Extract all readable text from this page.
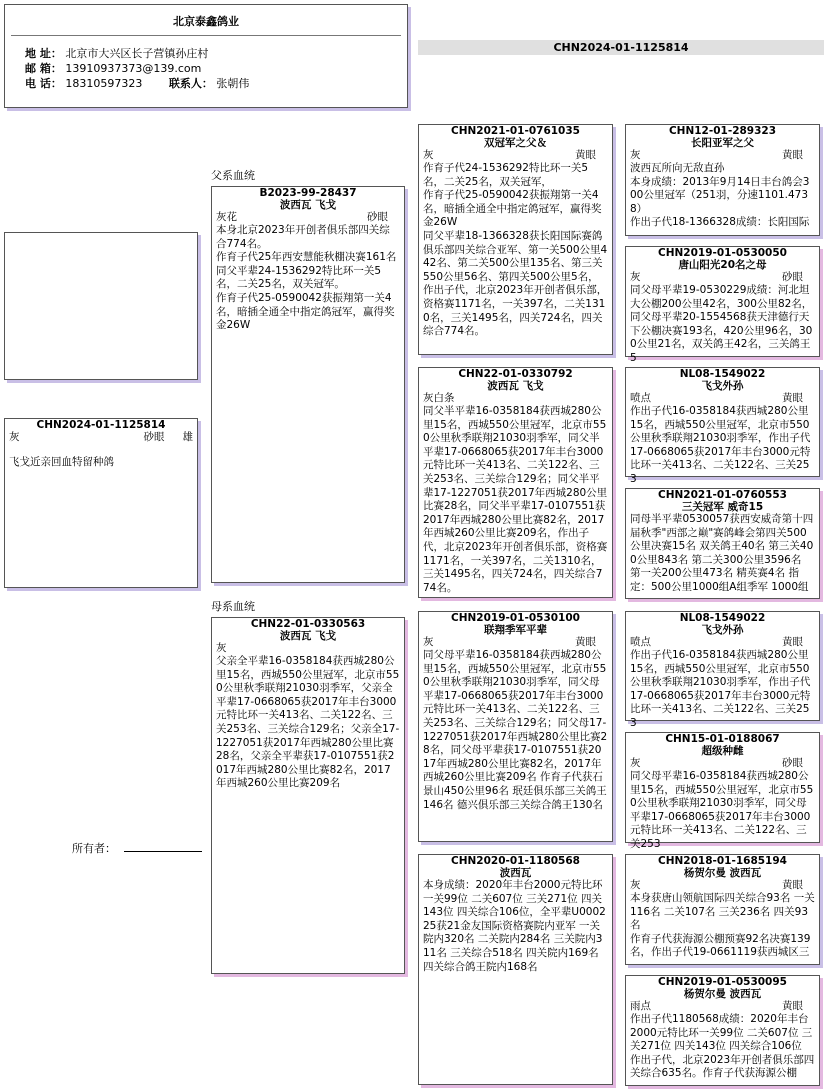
北京泰鑫鸽业
地 址： 北京市大兴区长子营镇孙庄村
邮 箱： 13910937373@139.com
电 话： 18310597323 联系人： 张朝伟
CHN2024-01-1125814
CHN2024-01-1125814
灰	砂眼 雄
飞戈近亲回血特留种鸽
所有者：
父系血统
母系血统
B2023-99-28437
波西瓦 飞戈
灰花	砂眼
本身北京2023年开创者俱乐部四关综合774名。
作育子代25年西安慧能秋棚决赛161名
同父平辈24-1536292特比环一关5名，二关25名，双关冠军。
作育子代25-0590042获振翔第一关4名，暗插全通全中指定鸽冠军，赢得奖金26W
CHN22-01-0330563
波西瓦 飞戈
灰
父亲全平辈16-0358184获西城280公里15名，西城550公里冠军，北京市550公里秋季联翔21030羽季军，父亲全平辈17-0668065获2017年丰台3000元特比环一关413名、二关122名、三关253名、三关综合129名；父亲全17-1227051获2017年西城280公里比赛28名，父亲全平辈获17-0107551获2017年西城280公里比赛82名，2017年西城260公里比赛209名
CHN2021-01-0761035
双冠军之父＆
灰	黄眼
作育子代24-1536292特比环一关5名，二关25名，双关冠军，
作育子代25-0590042获振翔第一关4名，暗插全通全中指定鸽冠军，赢得奖金26W
同父平辈18-1366328获长阳国际赛鸽俱乐部四关综合亚军、第一关500公里442名、第二关500公里135名、第三关550公里56名、第四关500公里5名，作出子代，北京2023年开创者俱乐部，资格赛1171名，一关397名，二关1310名，三关1495名，四关724名，四关综合774名。
CHN22-01-0330792
波西瓦 飞戈
灰白条
同父半平辈16-0358184获西城280公里15名，西城550公里冠军，北京市550公里秋季联翔21030羽季军，同父半平辈17-0668065获2017年丰台3000元特比环一关413名、二关122名、三关253名、三关综合129名；同父半平辈17-1227051获2017年西城280公里比赛28名，同父半平辈17-0107551获2017年西城280公里比赛82名，2017年西城260公里比赛209名，作出子代，北京2023年开创者俱乐部，资格赛1171名，一关397名，二关1310名，三关1495名，四关724名，四关综合774名。
CHN2019-01-0530100
联翔季军平辈
灰	黄眼
同父母平辈16-0358184获西城280公里15名，西城550公里冠军，北京市550公里秋季联翔21030羽季军，同父母平辈17-0668065获2017年丰台3000元特比环一关413名、二关122名、三关253名、三关综合129名；同父母17-1227051获2017年西城280公里比赛28名，同父母平辈获17-0107551获2017年西城280公里比赛82名，2017年西城260公里比赛209名 作育子代获石景山450公里96名 珉廷俱乐部三关鸽王146名 德兴俱乐部三关综合鸽王130名
CHN2020-01-1180568
波西瓦
本身成绩：2020年丰台2000元特比环一关99位 二关607位 三关271位 四关143位 四关综合106位，全平辈U000225获21金友国际资格赛院内亚军 一关院内320名 二关院内284名 三关院内311名 三关综合518名 四关院内169名 四关综合鸽王院内168名
CHN12-01-289323
长阳亚军之父
灰	黄眼
波西瓦所向无敌直孙
本身成绩：2013年9月14日丰台鸽会300公里冠军（251羽，分速1101.4738）
作出子代18-1366328成绩：长阳国际
CHN2019-01-0530050
唐山阳光20名之母
灰	砂眼
同父母平辈19-0530229成绩：河北坦大公棚200公里42名，300公里82名，同父母平辈20-1554568获天津德行天下公棚决赛193名，420公里96名，300公里21名，双关鸽王42名，三关鸽王5
NL08-1549022
飞戈外孙
喷点	黄眼
作出子代16-0358184获西城280公里15名，西城550公里冠军，北京市550公里秋季联翔21030羽季军，作出子代17-0668065获2017年丰台3000元特比环一关413名、二关122名、三关253
CHN2021-01-0760553
三关冠军 威奇15
同母半平辈0530057获西安威奇第十四届秋季"西部之巅"赛鸽峰会第四关500公里决赛15名 双关鸽王40名 第三关400公里843名 第二关300公里3596名 第一关200公里473名 精英赛4名 指定：500公里1000组A组季军 1000组
NL08-1549022
飞戈外孙
喷点	黄眼
作出子代16-0358184获西城280公里15名，西城550公里冠军，北京市550公里秋季联翔21030羽季军，作出子代17-0668065获2017年丰台3000元特比环一关413名、二关122名、三关253
CHN15-01-0188067
超级种雌
灰	砂眼
同父母平辈16-0358184获西城280公里15名，西城550公里冠军，北京市550公里秋季联翔21030羽季军，同父母平辈17-0668065获2017年丰台3000元特比环一关413名、二关122名、三关253
CHN2018-01-1685194
杨贺尔曼 波西瓦
灰	黄眼
本身获唐山领航国际四关综合93名 一关116名 二关107名 三关236名 四关93名
作育子代获海源公棚预赛92名决赛139名，作出子代19-0661119获西城区三
CHN2019-01-0530095
杨贺尔曼 波西瓦
雨点	黄眼
作出子代1180568成绩：2020年丰台2000元特比环一关99位 二关607位 三关271位 四关143位 四关综合106位 作出子代，北京2023年开创者俱乐部四关综合635名。作育子代获海源公棚
